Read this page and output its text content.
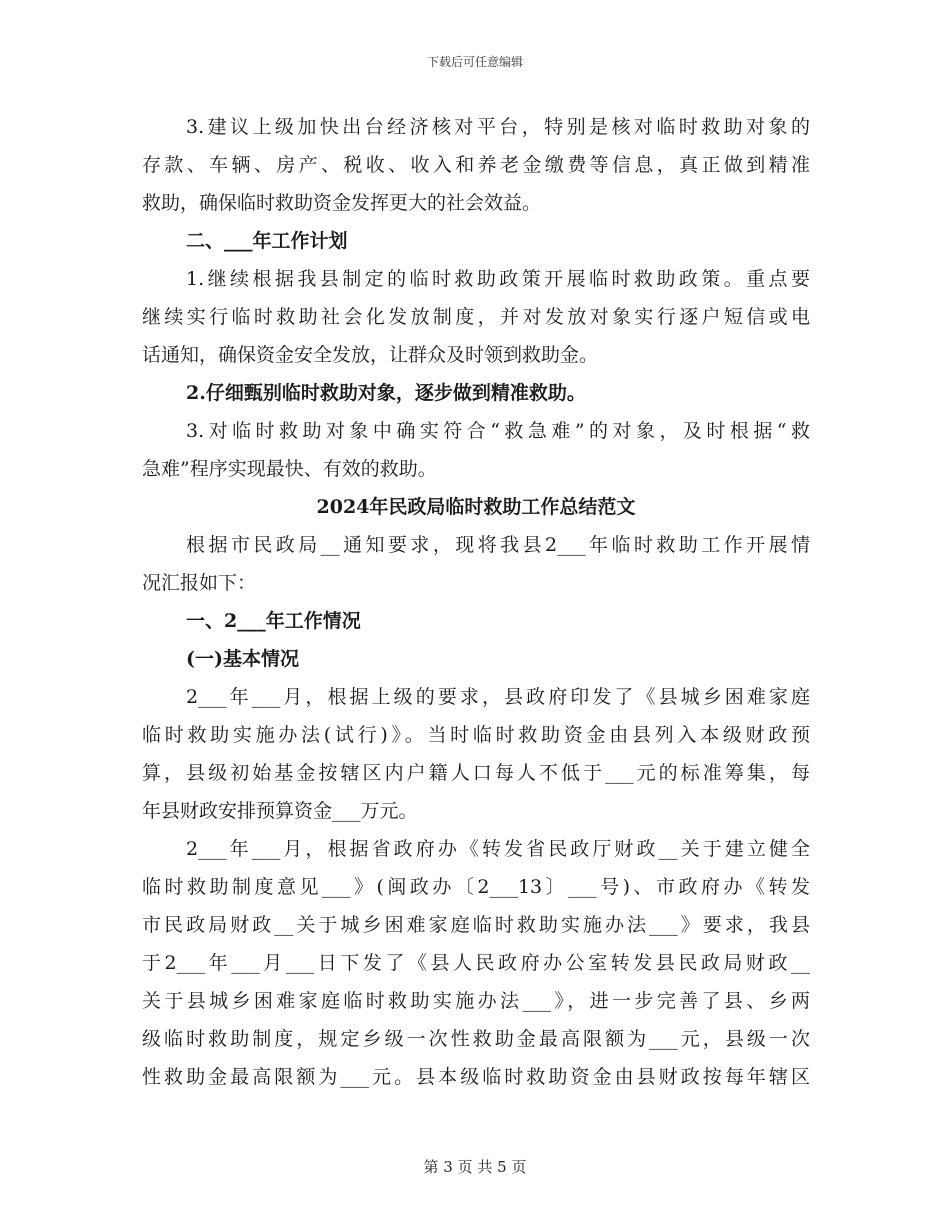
下载后可任意编辑

3.建议上级加快出台经济核对平台，特别是核对临时救助对象的

存款、车辆、房产、税收、收入和养老金缴费等信息，真正做到精准

救助，确保临时救助资金发挥更大的社会效益。

二、___年工作计划

1.继续根据我县制定的临时救助政策开展临时救助政策。重点要

继续实行临时救助社会化发放制度，并对发放对象实行逐户短信或电

话通知，确保资金安全发放，让群众及时领到救助金。

2.仔细甄别临时救助对象，逐步做到精准救助。

3.对临时救助对象中确实符合“救急难”的对象，及时根据“救

急难”程序实现最快、有效的救助。

2024年民政局临时救助工作总结范文

根据市民政局__通知要求，现将我县2___年临时救助工作开展情

况汇报如下：

一、2___年工作情况

(一)基本情况

2___年___月，根据上级的要求，县政府印发了《县城乡困难家庭

临时救助实施办法(试行)》。当时临时救助资金由县列入本级财政预

算，县级初始基金按辖区内户籍人口每人不低于___元的标准筹集，每

年县财政安排预算资金___万元。

2___年___月，根据省政府办《转发省民政厅财政__关于建立健全

临时救助制度意见___》(闽政办〔2___13〕___号)、市政府办《转发

市民政局财政__关于城乡困难家庭临时救助实施办法___》要求，我县

于2___年___月___日下发了《县人民政府办公室转发县民政局财政__

关于县城乡困难家庭临时救助实施办法___》，进一步完善了县、乡两

级临时救助制度，规定乡级一次性救助金最高限额为___元，县级一次

性救助金最高限额为___元。县本级临时救助资金由县财政按每年辖区

第 3 页 共 5 页
